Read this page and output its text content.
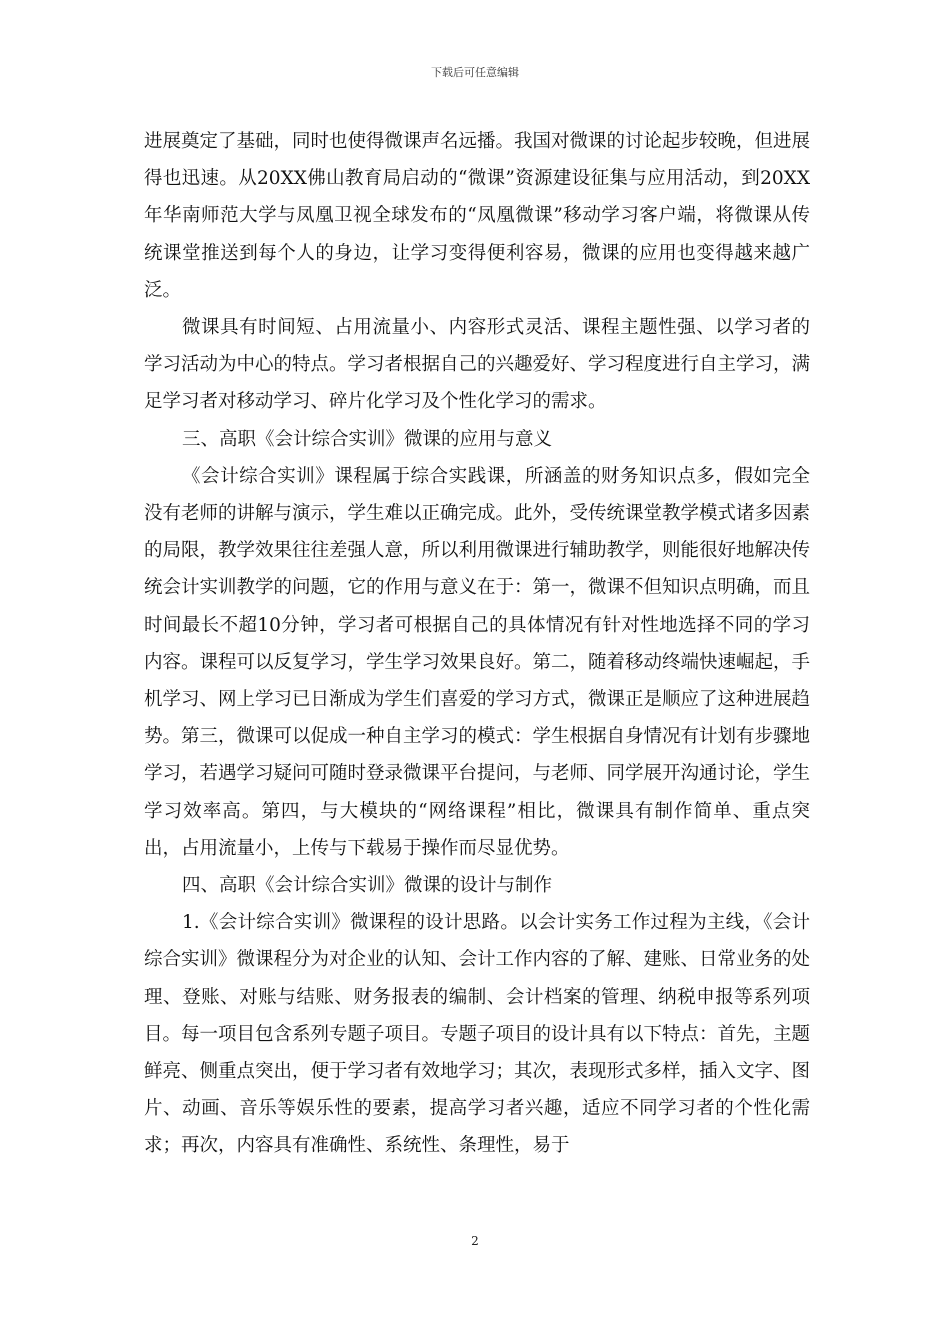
下载后可任意编辑

进展奠定了基础，同时也使得微课声名远播。我国对微课的讨论起步较晚，但进展得也迅速。从20XX佛山教育局启动的“微课”资源建设征集与应用活动，到20XX年华南师范大学与凤凰卫视全球发布的“凤凰微课”移动学习客户端，将微课从传统课堂推送到每个人的身边，让学习变得便利容易，微课的应用也变得越来越广泛。

微课具有时间短、占用流量小、内容形式灵活、课程主题性强、以学习者的学习活动为中心的特点。学习者根据自己的兴趣爱好、学习程度进行自主学习，满足学习者对移动学习、碎片化学习及个性化学习的需求。

三、高职《会计综合实训》微课的应用与意义

《会计综合实训》课程属于综合实践课，所涵盖的财务知识点多，假如完全没有老师的讲解与演示，学生难以正确完成。此外，受传统课堂教学模式诸多因素的局限，教学效果往往差强人意，所以利用微课进行辅助教学，则能很好地解决传统会计实训教学的问题，它的作用与意义在于：第一，微课不但知识点明确，而且时间最长不超10分钟，学习者可根据自己的具体情况有针对性地选择不同的学习内容。课程可以反复学习，学生学习效果良好。第二，随着移动终端快速崛起，手机学习、网上学习已日渐成为学生们喜爱的学习方式，微课正是顺应了这种进展趋势。第三，微课可以促成一种自主学习的模式：学生根据自身情况有计划有步骤地学习，若遇学习疑问可随时登录微课平台提问，与老师、同学展开沟通讨论，学生学习效率高。第四，与大模块的“网络课程”相比，微课具有制作简单、重点突出，占用流量小，上传与下载易于操作而尽显优势。

四、高职《会计综合实训》微课的设计与制作

1.《会计综合实训》微课程的设计思路。以会计实务工作过程为主线，《会计综合实训》微课程分为对企业的认知、会计工作内容的了解、建账、日常业务的处理、登账、对账与结账、财务报表的编制、会计档案的管理、纳税申报等系列项目。每一项目包含系列专题子项目。专题子项目的设计具有以下特点：首先，主题鲜亮、侧重点突出，便于学习者有效地学习；其次，表现形式多样，插入文字、图片、动画、音乐等娱乐性的要素，提高学习者兴趣，适应不同学习者的个性化需求；再次，内容具有准确性、系统性、条理性，易于

2
